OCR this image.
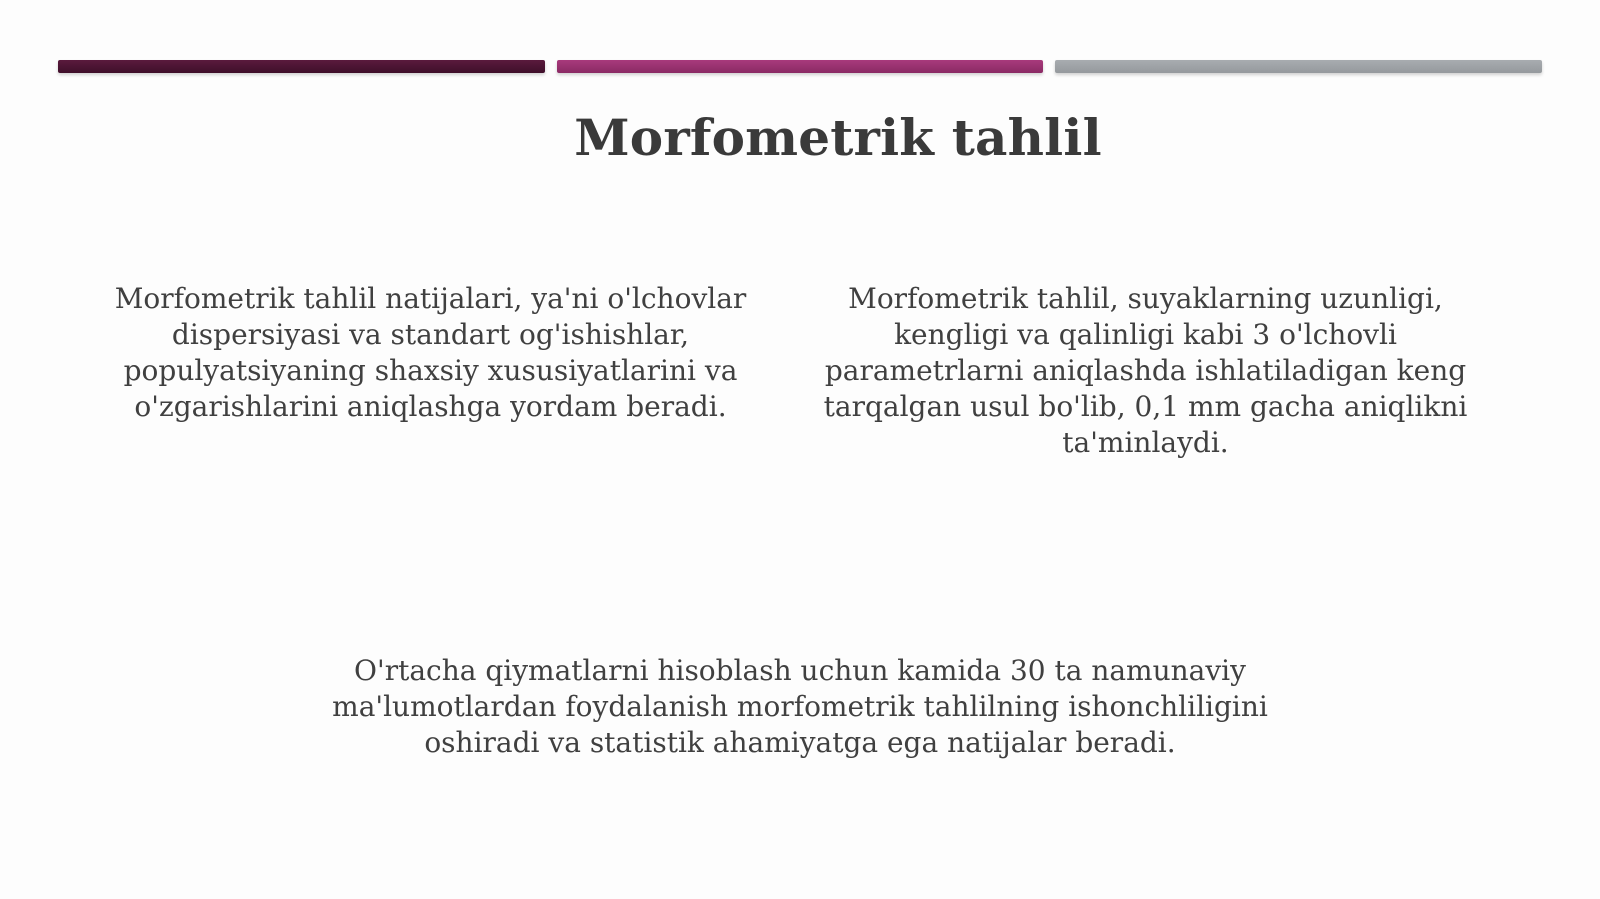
Morfometrik tahlil
Morfometrik tahlil natijalari, ya'ni o'lchovlar dispersiyasi va standart og'ishishlar, populyatsiyaning shaxsiy xususiyatlarini va o'zgarishlarini aniqlashga yordam beradi.
Morfometrik tahlil, suyaklarning uzunligi, kengligi va qalinligi kabi 3 o'lchovli parametrlarni aniqlashda ishlatiladigan keng tarqalgan usul bo'lib, 0,1 mm gacha aniqlikni ta'minlaydi.
O'rtacha qiymatlarni hisoblash uchun kamida 30 ta namunaviy ma'lumotlardan foydalanish morfometrik tahlilning ishonchliligini oshiradi va statistik ahamiyatga ega natijalar beradi.
